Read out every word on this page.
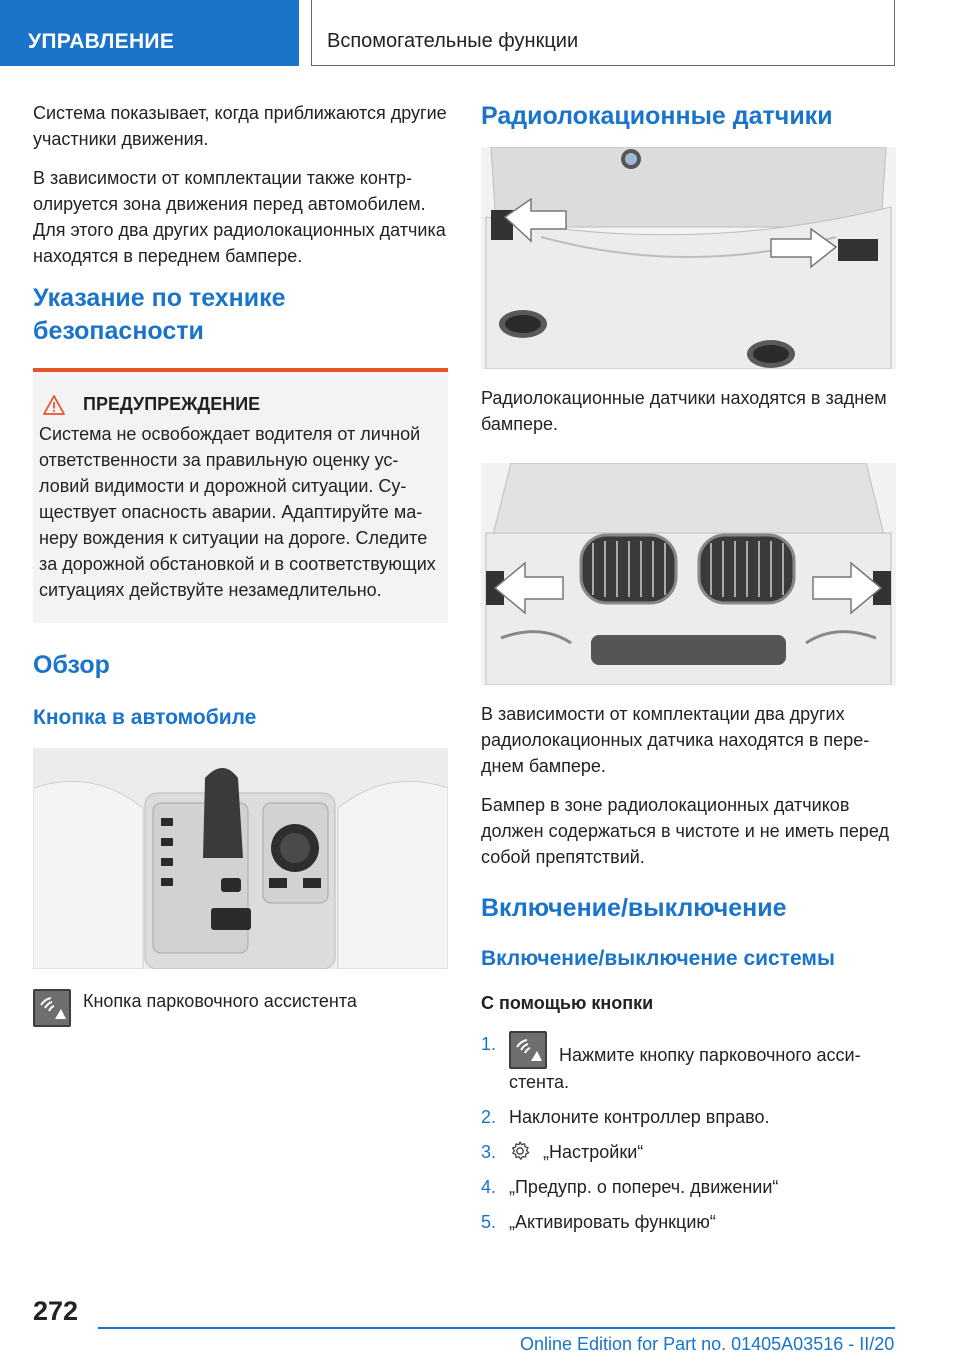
УПРАВЛЕНИЕ	Вспомогательные функции

Система показывает, когда приближаются другие участники движения.

В зависимости от комплектации также контролируется зона движения перед автомобилем. Для этого два других радиолокационных датчика находятся в переднем бампере.

Указание по технике безопасности
ПРЕДУПРЕЖДЕНИЕ

Система не освобождает водителя от личной ответственности за правильную оценку условий видимости и дорожной ситуации. Существует опасность аварии. Адаптируйте манеру вождения к ситуации на дороге. Следите за дорожной обстановкой и в соответствующих ситуациях действуйте незамедлительно.

Обзор
Кнопка в автомобиле
Кнопка парковочного ассистента
Радиолокационные датчики

Радиолокационные датчики находятся в заднем бампере.

В зависимости от комплектации два других радиолокационных датчика находятся в переднем бампере.

Бампер в зоне радиолокационных датчиков должен содержаться в чистоте и не иметь перед собой препятствий.

Включение/выключение
Включение/выключение системы
С помощью кнопки
1.
Нажмите кнопку парковочного ассистента.
2. Наклоните контроллер вправо.
3.	„Настройки“
4. „Предупр. о попереч. движении“
5. „Активировать функцию“
272
Online Edition for Part no. 01405A03516 - II/20
